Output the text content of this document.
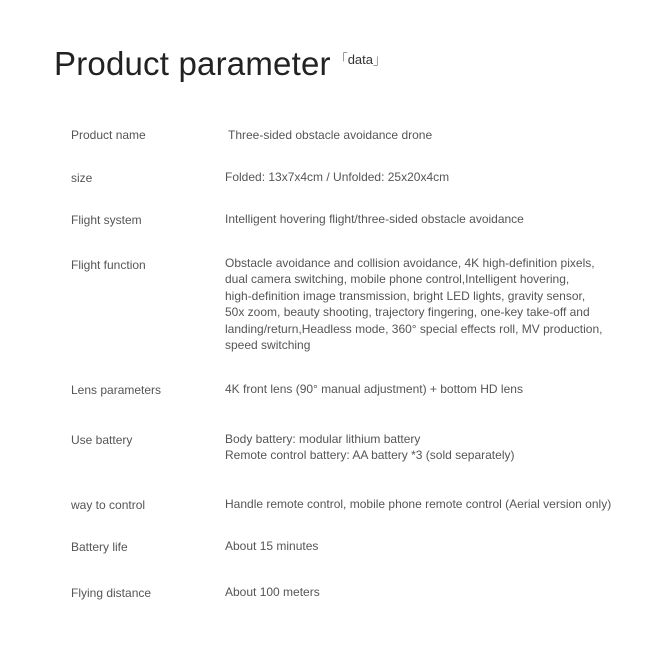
Product parameter 「data」
Product name	Three-sided obstacle avoidance drone
size	Folded: 13x7x4cm / Unfolded: 25x20x4cm
Flight system	Intelligent hovering flight/three-sided obstacle avoidance
Flight function	Obstacle avoidance and collision avoidance, 4K high-definition pixels,
dual camera switching, mobile phone control,Intelligent hovering,
high-definition image transmission, bright LED lights, gravity sensor,
50x zoom, beauty shooting, trajectory fingering, one-key take-off and
landing/return,Headless mode, 360° special effects roll, MV production,
speed switching
Lens parameters	4K front lens (90° manual adjustment) + bottom HD lens
Use battery	Body battery: modular lithium battery
Remote control battery: AA battery *3 (sold separately)
way to control	Handle remote control, mobile phone remote control (Aerial version only)
Battery life	About 15 minutes
Flying distance	About 100 meters
